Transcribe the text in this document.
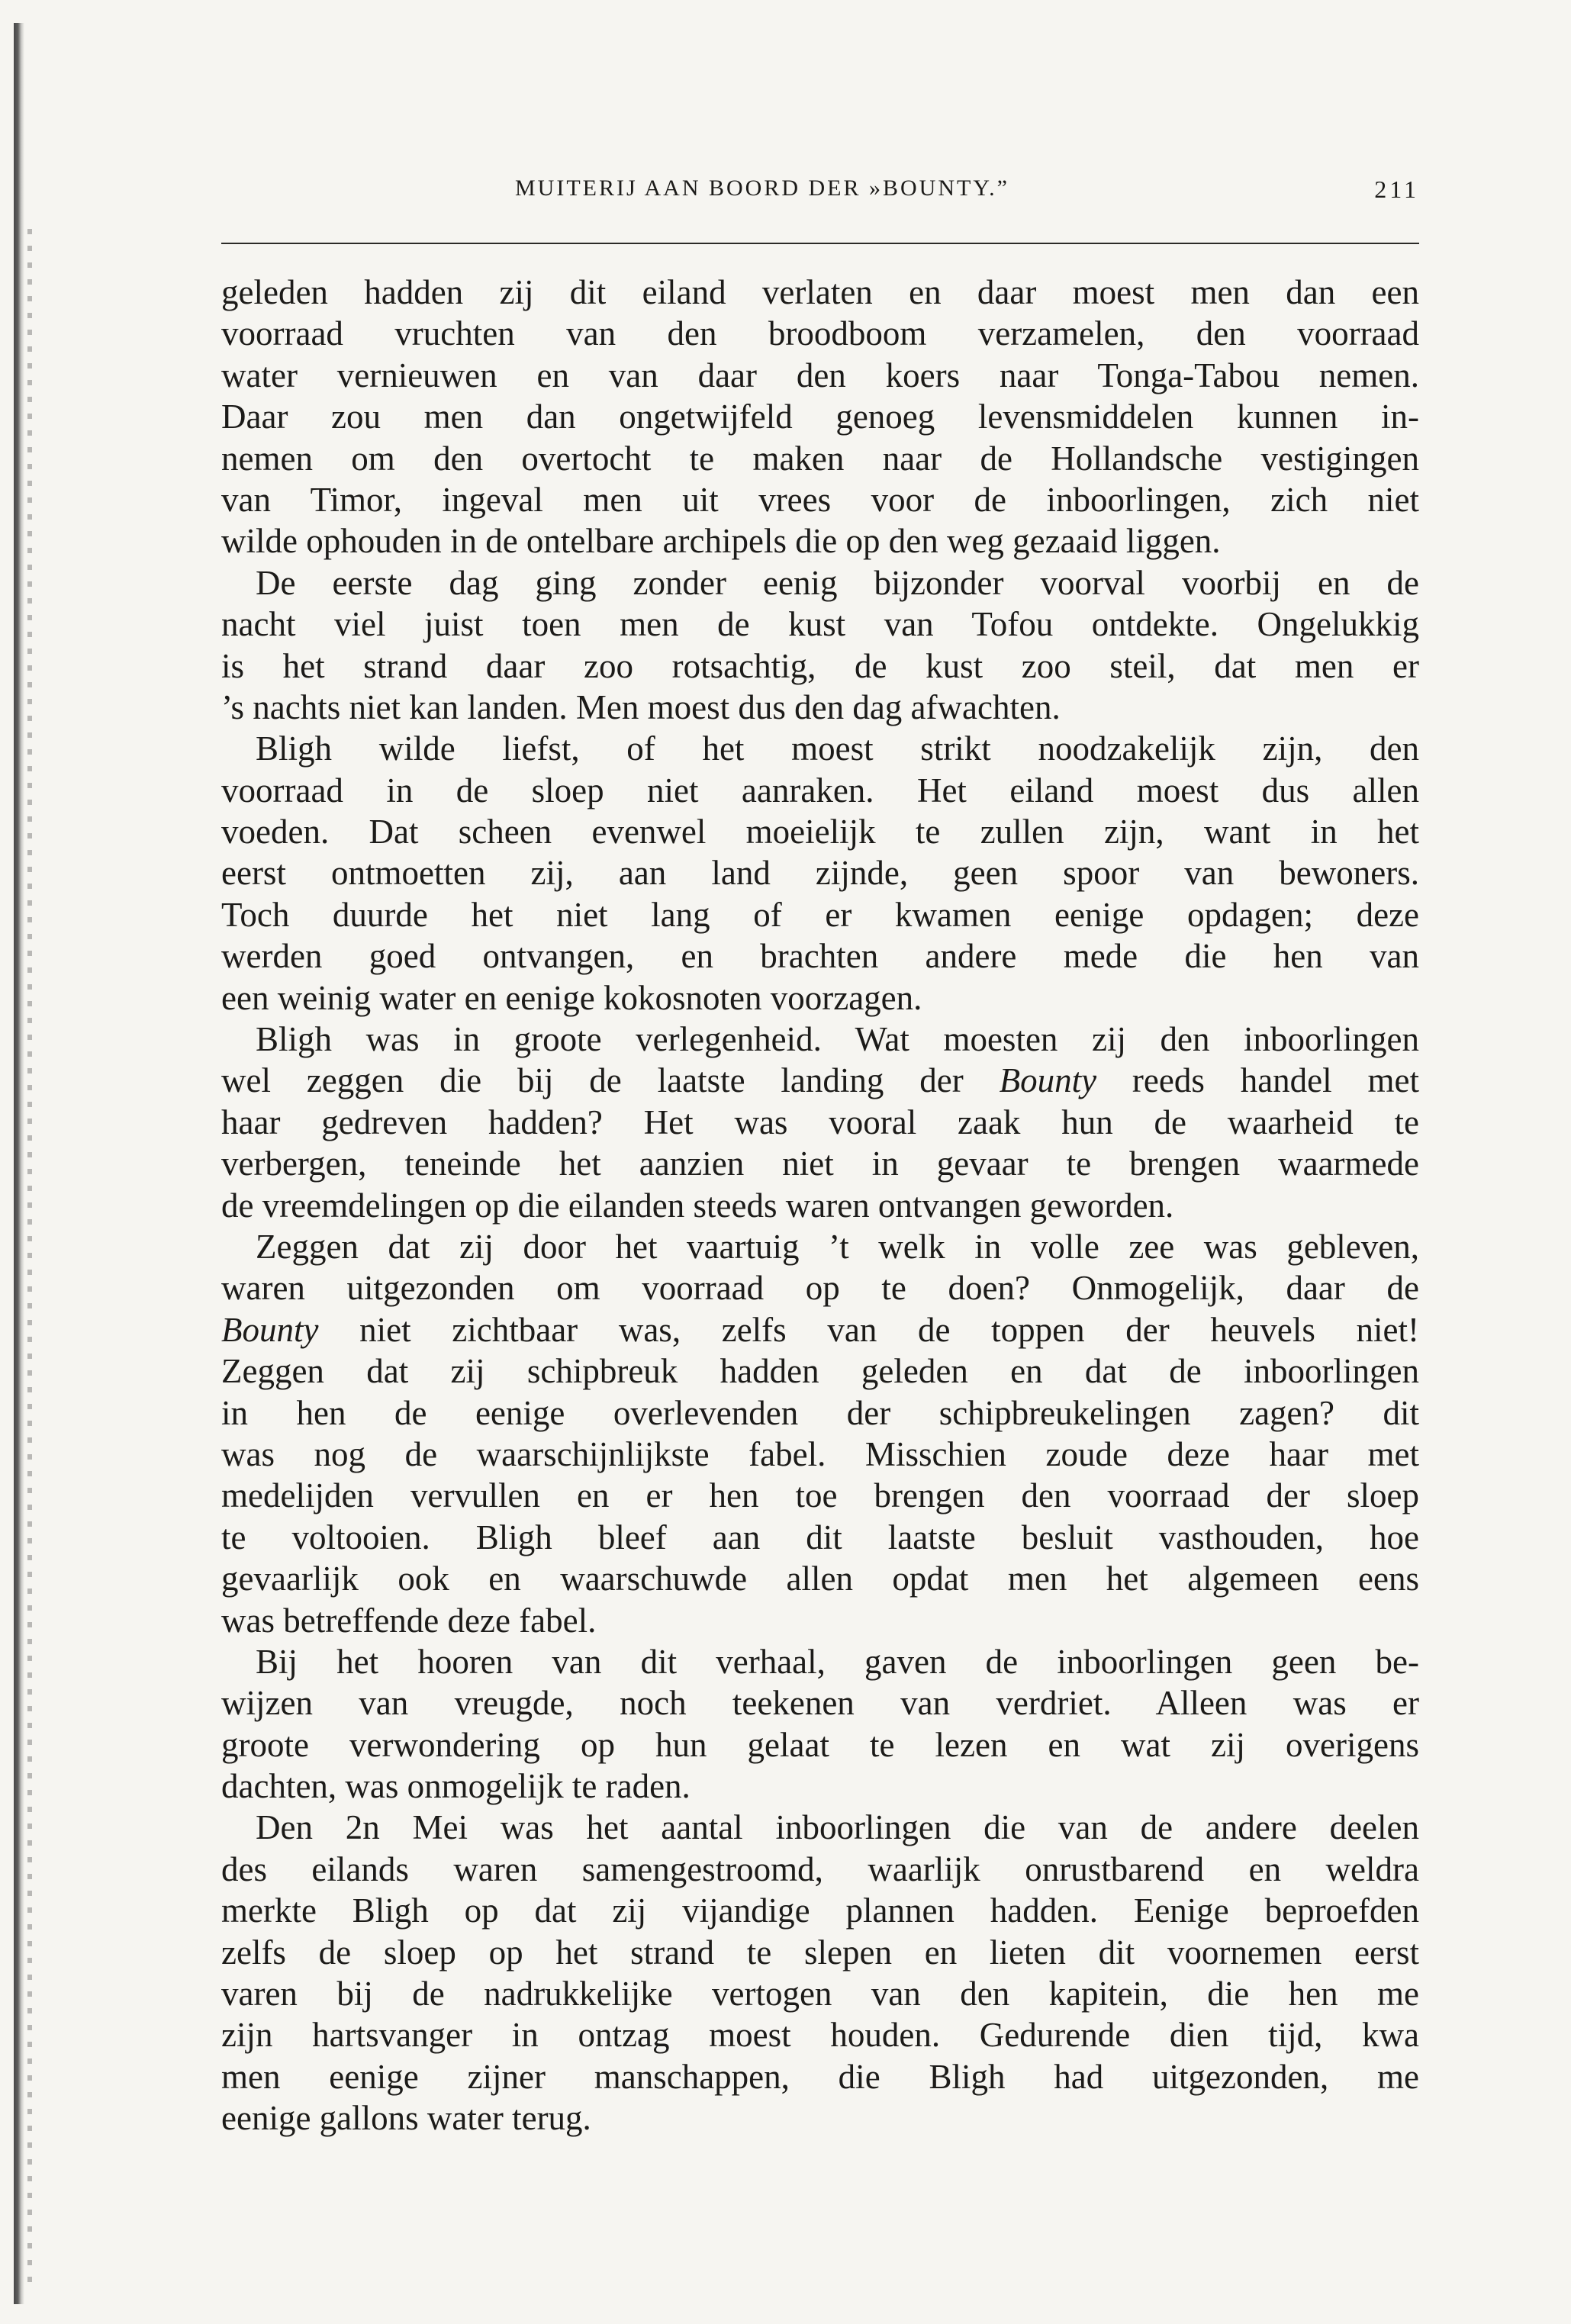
MUITERIJ AAN BOORD DER »BOUNTY.”	211
geleden hadden zij dit eiland verlaten en daar moest men dan een
voorraad vruchten van den broodboom verzamelen, den voorraad
water vernieuwen en van daar den koers naar Tonga-Tabou nemen.
Daar zou men dan ongetwijfeld genoeg levensmiddelen kunnen in-
nemen om den overtocht te maken naar de Hollandsche vestigingen
van Timor, ingeval men uit vrees voor de inboorlingen, zich niet
wilde ophouden in de ontelbare archipels die op den weg gezaaid liggen.
 De eerste dag ging zonder eenig bijzonder voorval voorbij en de
nacht viel juist toen men de kust van Tofou ontdekte. Ongelukkig
is het strand daar zoo rotsachtig, de kust zoo steil, dat men er
’s nachts niet kan landen. Men moest dus den dag afwachten.
 Bligh wilde liefst, of het moest strikt noodzakelijk zijn, den
voorraad in de sloep niet aanraken. Het eiland moest dus allen
voeden. Dat scheen evenwel moeielijk te zullen zijn, want in het
eerst ontmoetten zij, aan land zijnde, geen spoor van bewoners.
Toch duurde het niet lang of er kwamen eenige opdagen; deze
werden goed ontvangen, en brachten andere mede die hen van
een weinig water en eenige kokosnoten voorzagen.
 Bligh was in groote verlegenheid. Wat moesten zij den inboorlingen
wel zeggen die bij de laatste landing der Bounty reeds handel met
haar gedreven hadden? Het was vooral zaak hun de waarheid te
verbergen, teneinde het aanzien niet in gevaar te brengen waarmede
de vreemdelingen op die eilanden steeds waren ontvangen geworden.
 Zeggen dat zij door het vaartuig ’t welk in volle zee was gebleven,
waren uitgezonden om voorraad op te doen? Onmogelijk, daar de
Bounty niet zichtbaar was, zelfs van de toppen der heuvels niet!
Zeggen dat zij schipbreuk hadden geleden en dat de inboorlingen
in hen de eenige overlevenden der schipbreukelingen zagen? dit
was nog de waarschijnlijkste fabel. Misschien zoude deze haar met
medelijden vervullen en er hen toe brengen den voorraad der sloep
te voltooien. Bligh bleef aan dit laatste besluit vasthouden, hoe
gevaarlijk ook en waarschuwde allen opdat men het algemeen eens
was betreffende deze fabel.
 Bij het hooren van dit verhaal, gaven de inboorlingen geen be-
wijzen van vreugde, noch teekenen van verdriet. Alleen was er
groote verwondering op hun gelaat te lezen en wat zij overigens
dachten, was onmogelijk te raden.
 Den 2n Mei was het aantal inboorlingen die van de andere deelen
des eilands waren samengestroomd, waarlijk onrustbarend en weldra
merkte Bligh op dat zij vijandige plannen hadden. Eenige beproefden
zelfs de sloep op het strand te slepen en lieten dit voornemen eerst
varen bij de nadrukkelijke vertogen van den kapitein, die hen me
zijn hartsvanger in ontzag moest houden. Gedurende dien tijd, kwa
men eenige zijner manschappen, die Bligh had uitgezonden, me
eenige gallons water terug.
